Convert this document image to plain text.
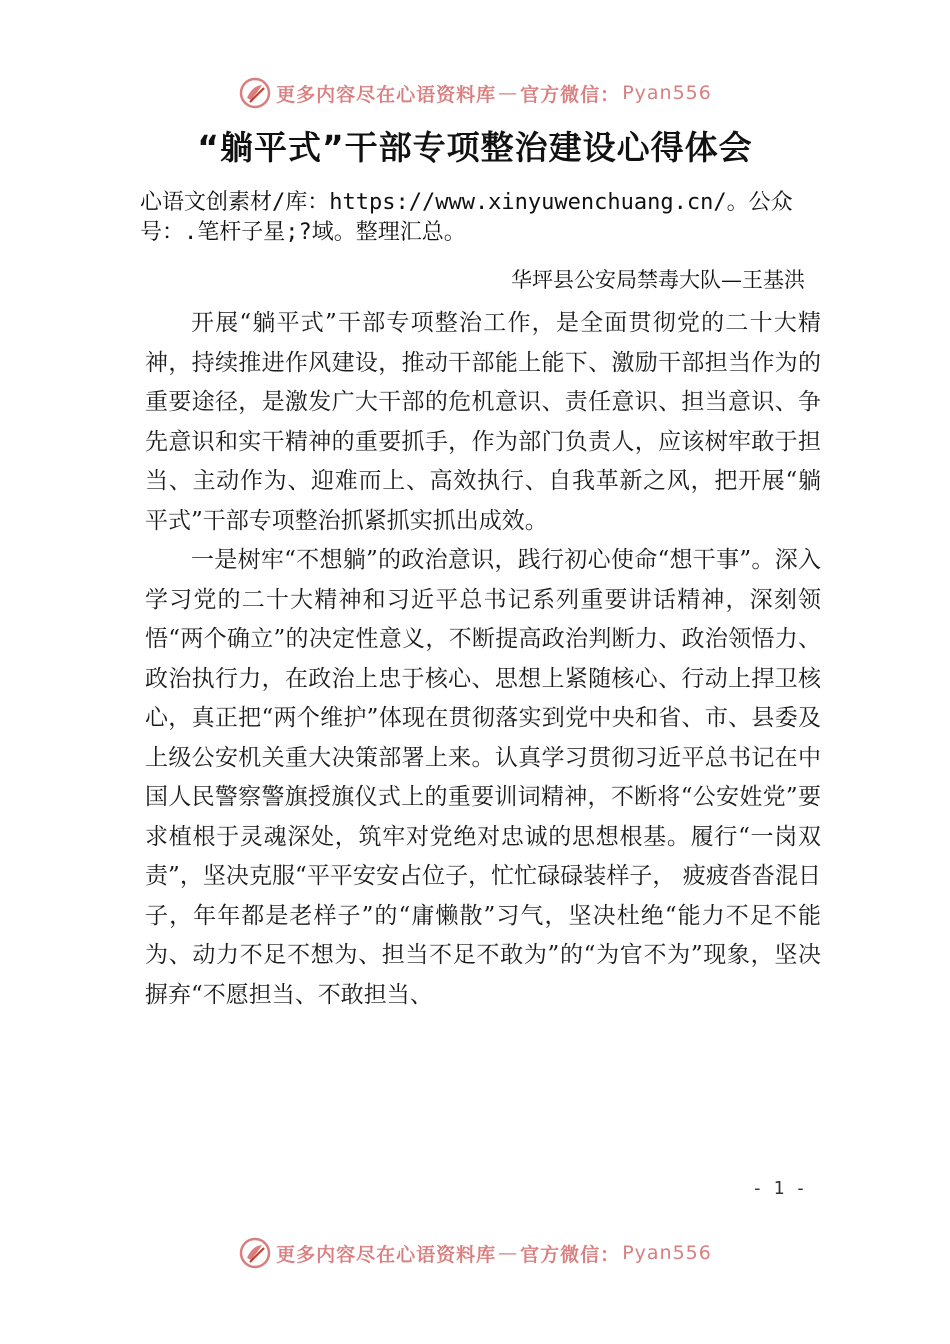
更多内容尽在心语资料库 — 官方微信： Pyan556
“躺平式”干部专项整治建设心得体会
心语文创素材/库：https://www.xinyuwenchuang.cn/。公众号：.笔杆子星;?域。整理汇总。
华坪县公安局禁毒大队—王基洪

开展“躺平式”干部专项整治工作，是全面贯彻党的二十大精神，持续推进作风建设，推动干部能上能下、激励干部担当作为的重要途径，是激发广大干部的危机意识、责任意识、担当意识、争先意识和实干精神的重要抓手，作为部门负责人，应该树牢敢于担当、主动作为、迎难而上、高效执行、自我革新之风，把开展“躺平式”干部专项整治抓紧抓实抓出成效。

一是树牢“不想躺”的政治意识，践行初心使命“想干事”。深入学习党的二十大精神和习近平总书记系列重要讲话精神，深刻领悟“两个确立”的决定性意义，不断提高政治判断力、政治领悟力、政治执行力，在政治上忠于核心、思想上紧随核心、行动上捍卫核心，真正把“两个维护”体现在贯彻落实到党中央和省、市、县委及上级公安机关重大决策部署上来。认真学习贯彻习近平总书记在中国人民警察警旗授旗仪式上的重要训词精神，不断将“公安姓党”要求植根于灵魂深处，筑牢对党绝对忠诚的思想根基。履行“一岗双责”，坚决克服“平平安安占位子，忙忙碌碌装样子， 疲疲沓沓混日子，年年都是老样子”的“庸懒散”习气，坚决杜绝“能力不足不能为、动力不足不想为、担当不足不敢为”的“为官不为”现象，坚决摒弃“不愿担当、不敢担当、

- 1 -
更多内容尽在心语资料库 — 官方微信： Pyan556
